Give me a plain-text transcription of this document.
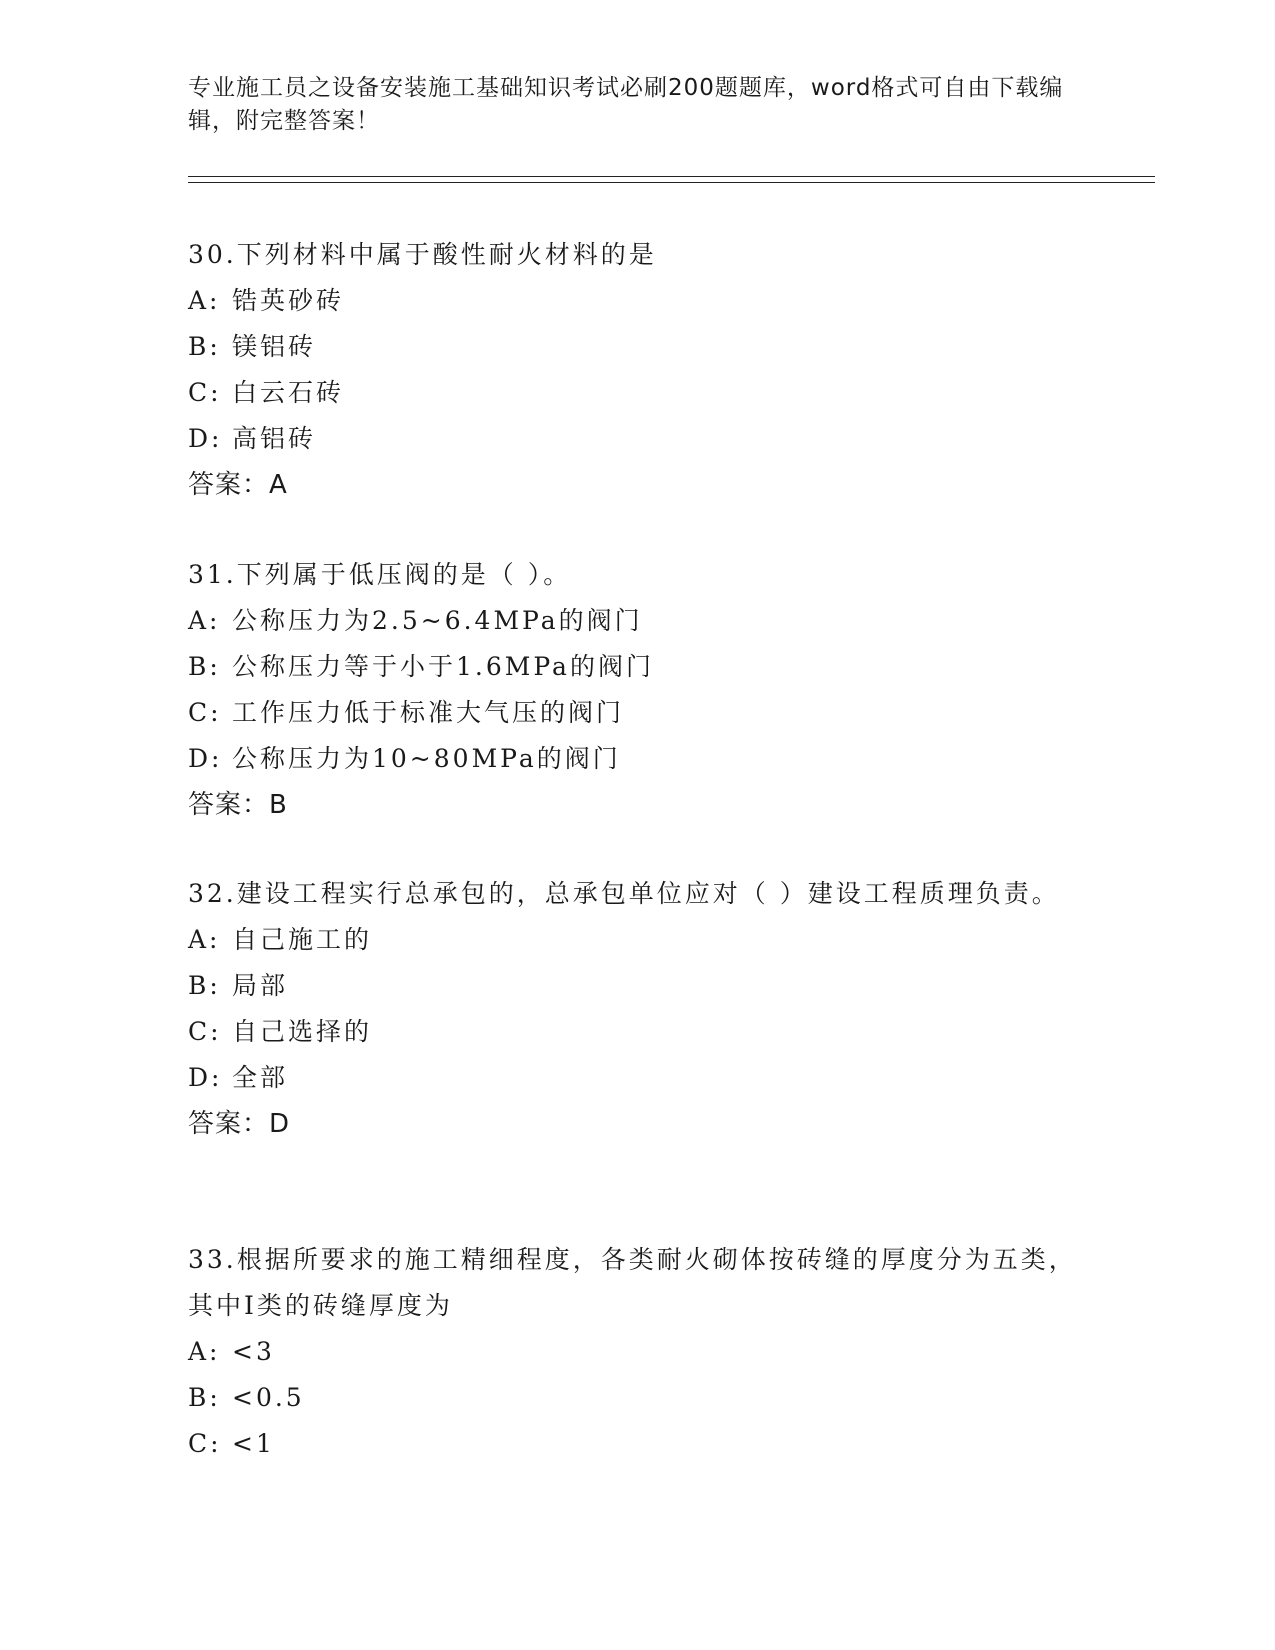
专业施工员之设备安装施工基础知识考试必刷200题题库，word格式可自由下载编辑，附完整答案！
30.下列材料中属于酸性耐火材料的是
A: 锆英砂砖
B: 镁铝砖
C: 白云石砖
D: 高铝砖
答案：A
31.下列属于低压阀的是（ ）。
A: 公称压力为2.5~6.4MPa的阀门
B: 公称压力等于小于1.6MPa的阀门
C: 工作压力低于标准大气压的阀门
D: 公称压力为10~80MPa的阀门
答案：B
32.建设工程实行总承包的，总承包单位应对（ ）建设工程质理负责。
A: 自己施工的
B: 局部
C: 自己选择的
D: 全部
答案：D
33.根据所要求的施工精细程度，各类耐火砌体按砖缝的厚度分为五类，其中Ⅰ类的砖缝厚度为
A: <3
B: <0.5
C: <1
